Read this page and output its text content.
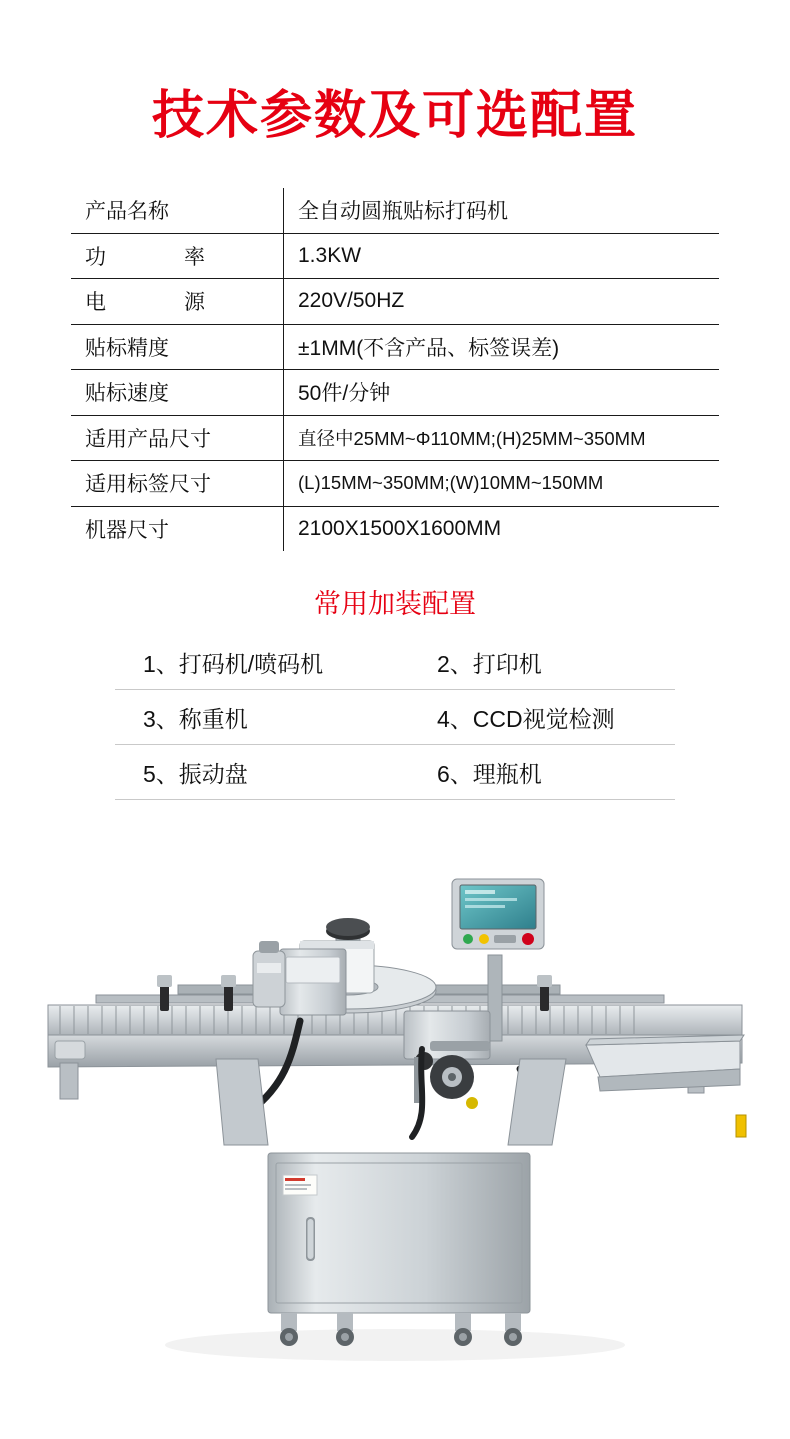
技术参数及可选配置
产品名称	全自动圆瓶贴标打码机
功　　率	1.3KW
电　　源	220V/50HZ
贴标精度	±1MM(不含产品、标签误差)
贴标速度	50件/分钟
适用产品尺寸	直径中25MM~Φ110MM;(H)25MM~350MM
适用标签尺寸	(L)15MM~350MM;(W)10MM~150MM
机器尺寸	2100X1500X1600MM
常用加装配置
1、打码机/喷码机	2、打印机
3、称重机	4、CCD视觉检测
5、振动盘	6、理瓶机
